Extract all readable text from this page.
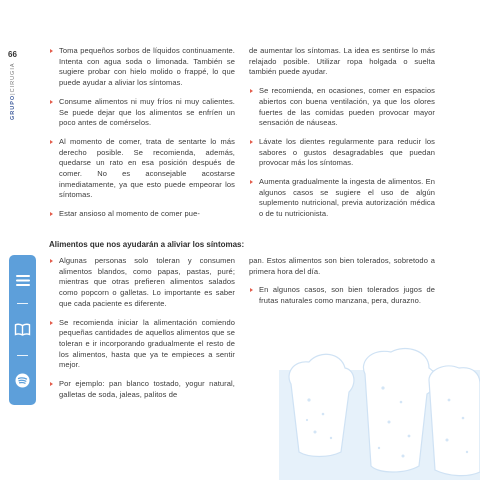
66
GRUPO|CIRUGIA
Toma pequeños sorbos de líquidos continuamente. Intenta con agua soda o limonada. También se sugiere probar con hielo molido o frappé, lo que puede ayudar a aliviar los síntomas.
Consume alimentos ni muy fríos ni muy calientes. Se puede dejar que los alimentos se enfríen un poco antes de comérselos.
Al momento de comer, trata de sentarte lo más derecho posible. Se recomienda, además, quedarse un rato en esa posición después de comer. No es aconsejable acostarse inmediatamente, ya que esto puede empeorar los síntomas.
Estar ansioso al momento de comer pue-

de aumentar los síntomas. La idea es sentirse lo más relajado posible. Utilizar ropa holgada o suelta también puede ayudar.

Se recomienda, en ocasiones, comer en espacios abiertos con buena ventilación, ya que los olores fuertes de las comidas pueden provocar mayor sensación de náuseas.
Lávate los dientes regularmente para reducir los sabores o gustos desagradables que puedan provocar más los síntomas.
Aumenta gradualmente la ingesta de alimentos. En algunos casos se sugiere el uso de algún suplemento nutricional, previa autorización médica o de tu nutricionista.
Alimentos que nos ayudarán a aliviar los síntomas:
Algunas personas solo toleran y consumen alimentos blandos, como papas, pastas, puré; mientras que otras prefieren alimentos salados como popcorn o galletas. Lo importante es saber que cada paciente es diferente.
Se recomienda iniciar la alimentación comiendo pequeñas cantidades de aquellos alimentos que se toleran e ir incorporando gradualmente el resto de los alimentos, hasta que ya te empieces a sentir mejor.
Por ejemplo: pan blanco tostado, yogur natural, galletas de soda, jaleas, palitos de

pan. Estos alimentos son bien tolerados, sobretodo a primera hora del día.

En algunos casos, son bien tolerados jugos de frutas naturales como manzana, pera, durazno.
